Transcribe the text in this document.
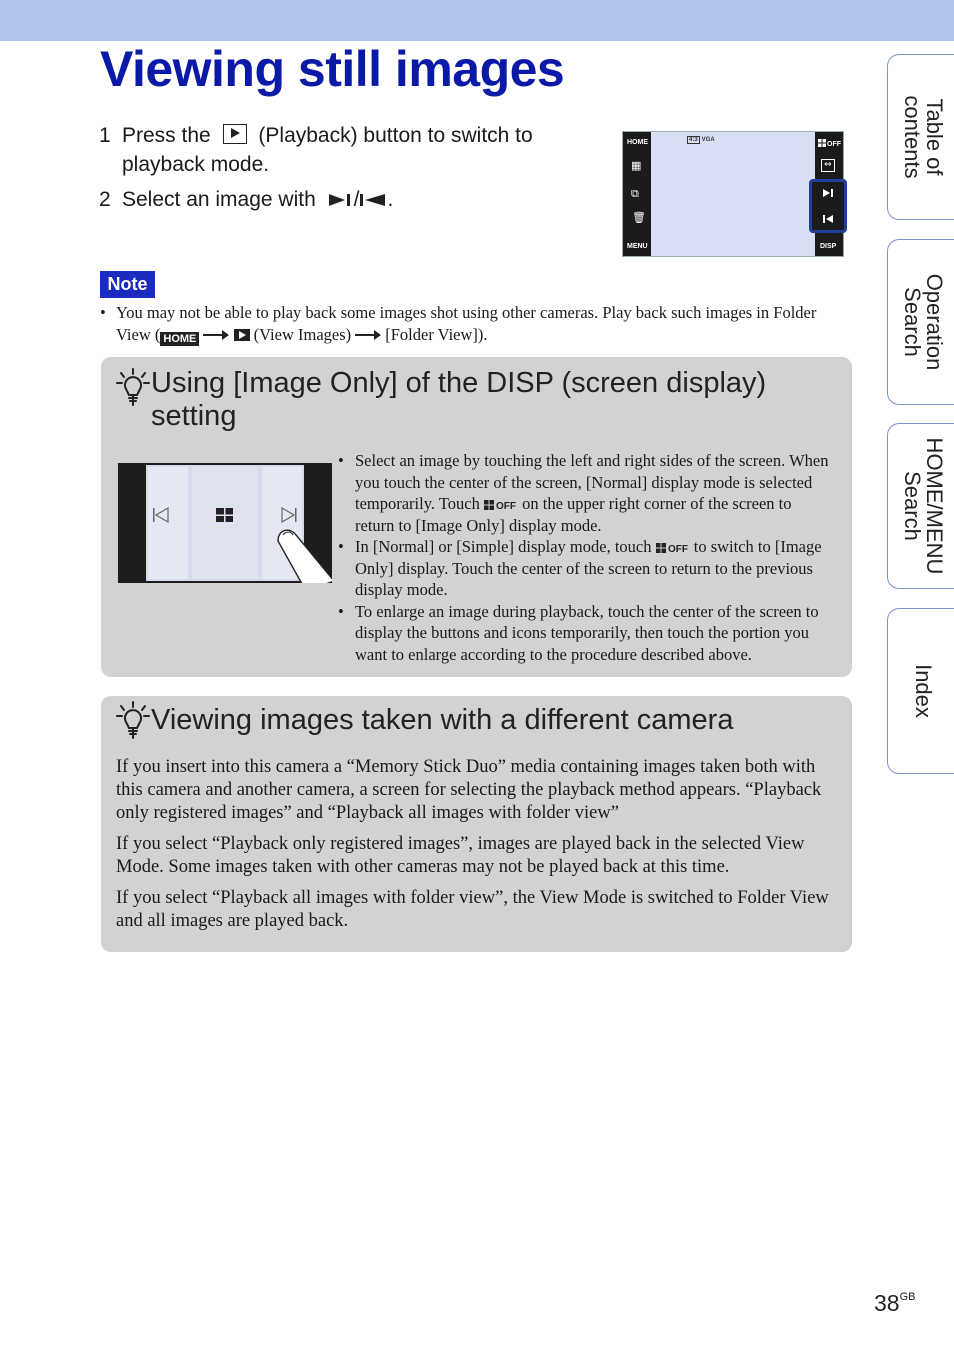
Viewing still images
1 Press the (Playback) button to switch to playback mode.
2 Select an image with / .
HOME
▦
⧉
🗑
MENU
4:3 VGA
OFF
⇔
DISP
Note
• You may not be able to play back some images shot using other cameras. Play back such images in Folder View ( HOME	(View Images) [Folder View]).
Using [Image Only] of the DISP (screen display) setting
• Select an image by touching the left and right sides of the screen. When you touch the center of the screen, [Normal] display mode is selected temporarily. Touch OFF on the upper right corner of the screen to return to [Image Only] display mode.
• In [Normal] or [Simple] display mode, touch OFF to switch to [Image Only] display. Touch the center of the screen to return to the previous display mode.
• To enlarge an image during playback, touch the center of the screen to display the buttons and icons temporarily, then touch the portion you want to enlarge according to the procedure described above.
Viewing images taken with a different camera

If you insert into this camera a “Memory Stick Duo” media containing images taken both with this camera and another camera, a screen for selecting the playback method appears. “Playback only registered images” and “Playback all images with folder view”

If you select “Playback only registered images”, images are played back in the selected View Mode. Some images taken with other cameras may not be played back at this time.

If you select “Playback all images with folder view”, the View Mode is switched to Folder View and all images are played back.

Table of
contents
Operation
Search
HOME/MENU
Search
Index
$38^{GB}$
